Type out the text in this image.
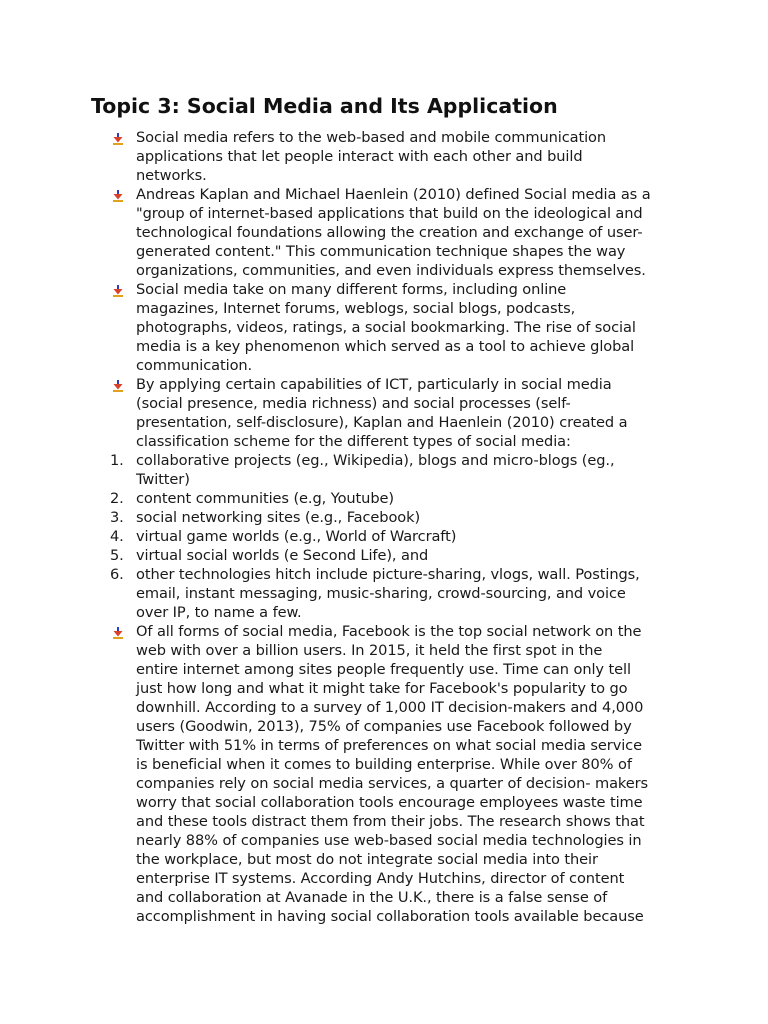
Topic 3: Social Media and Its Application
Social media refers to the web-based and mobile communication
applications that let people interact with each other and build
networks.
Andreas Kaplan and Michael Haenlein (2010) defined Social media as a
"group of internet-based applications that build on the ideological and
technological foundations allowing the creation and exchange of user-
generated content." This communication technique shapes the way
organizations, communities, and even individuals express themselves.
Social media take on many different forms, including online
magazines, Internet forums, weblogs, social blogs, podcasts,
photographs, videos, ratings, a social bookmarking. The rise of social
media is a key phenomenon which served as a tool to achieve global
communication.
By applying certain capabilities of ICT, particularly in social media
(social presence, media richness) and social processes (self-
presentation, self-disclosure), Kaplan and Haenlein (2010) created a
classification scheme for the different types of social media:
1. collaborative projects (eg., Wikipedia), blogs and micro-blogs (eg.,
Twitter)
2. content communities (e.g, Youtube)
3. social networking sites (e.g., Facebook)
4. virtual game worlds (e.g., World of Warcraft)
5. virtual social worlds (e Second Life), and
6. other technologies hitch include picture-sharing, vlogs, wall. Postings,
email, instant messaging, music-sharing, crowd-sourcing, and voice
over IP, to name a few.
Of all forms of social media, Facebook is the top social network on the
web with over a billion users. In 2015, it held the first spot in the
entire internet among sites people frequently use. Time can only tell
just how long and what it might take for Facebook's popularity to go
downhill. According to a survey of 1,000 IT decision-makers and 4,000
users (Goodwin, 2013), 75% of companies use Facebook followed by
Twitter with 51% in terms of preferences on what social media service
is beneficial when it comes to building enterprise. While over 80% of
companies rely on social media services, a quarter of decision- makers
worry that social collaboration tools encourage employees waste time
and these tools distract them from their jobs. The research shows that
nearly 88% of companies use web-based social media technologies in
the workplace, but most do not integrate social media into their
enterprise IT systems. According Andy Hutchins, director of content
and collaboration at Avanade in the U.K., there is a false sense of
accomplishment in having social collaboration tools available because
